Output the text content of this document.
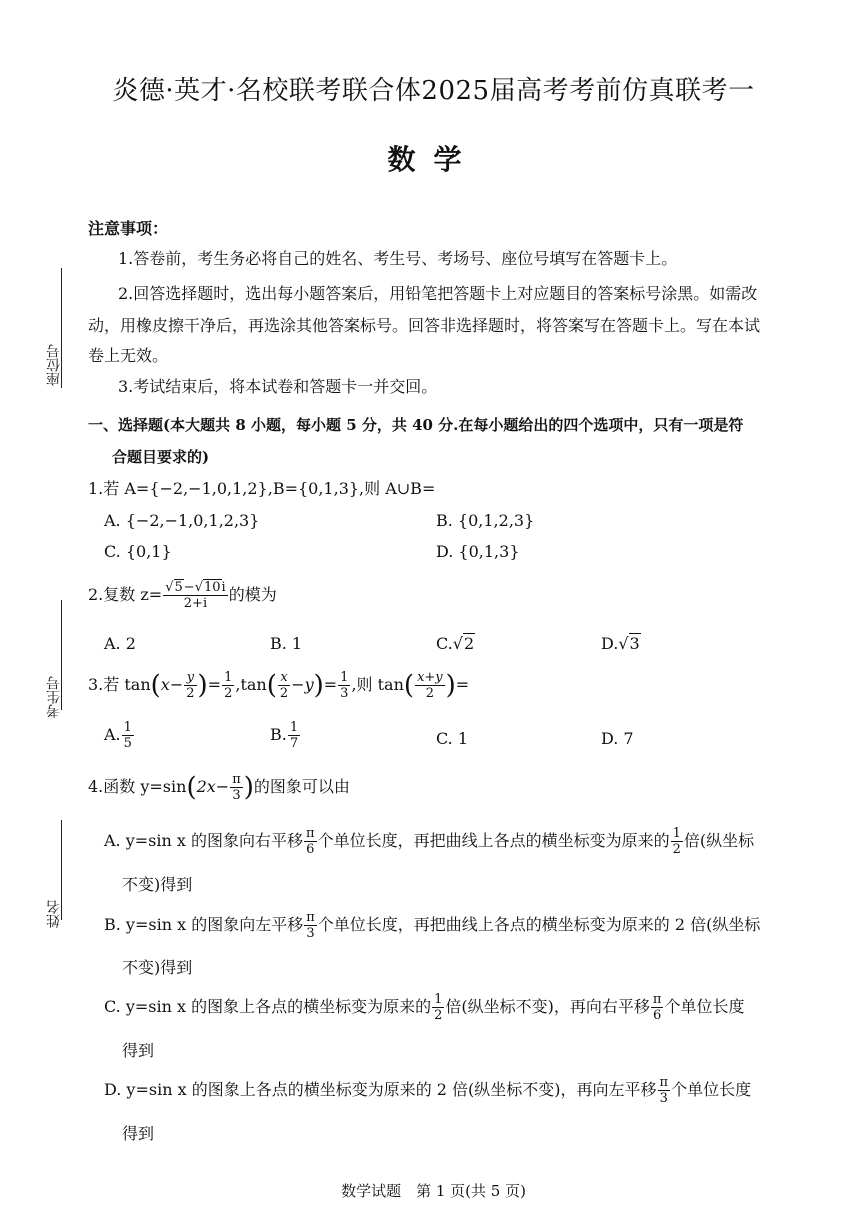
炎德·英才·名校联考联合体2025届高考考前仿真联考一
数学
座位号
考生号
姓名
注意事项：
1.答卷前，考生务必将自己的姓名、考生号、考场号、座位号填写在答题卡上。
2.回答选择题时，选出每小题答案后，用铅笔把答题卡上对应题目的答案标号涂黑。如需改
动，用橡皮擦干净后，再选涂其他答案标号。回答非选择题时，将答案写在答题卡上。写在本试
卷上无效。
3.考试结束后，将本试卷和答题卡一并交回。
一、选择题(本大题共 8 小题，每小题 5 分，共 40 分.在每小题给出的四个选项中，只有一项是符
合题目要求的)
1.若 A={−2,−1,0,1,2},B={0,1,3},则 A∪B=
A. {−2,−1,0,1,2,3}	B. {0,1,2,3}
C. {0,1}	D. {0,1,3}
2.复数 $z= \frac{√5-√10i}{2+i}$ 的模为
A. 2	B. 1	C.√2	D.√3
3.若 $\tan(x- \frac{y}{2}$ )= $\frac{1}{2} ,\tan( \frac{x}{2} -y)= \frac{1}{3}$ ,则 $\tan( \frac{x+y}{2}$ )=
A. $\frac{1}{5}$	B. $\frac{1}{7}$	C. 1	D. 7
4.函数 $y=\sin(2x- \frac{\pi}{3}$ )的图象可以由
A. y=sin x 的图象向右平移 $\frac{\pi}{6}$ 个单位长度，再把曲线上各点的横坐标变为原来的 $\frac{1}{2}$ 倍(纵坐标
不变)得到
B. y=sin x 的图象向左平移 $\frac{\pi}{3}$ 个单位长度，再把曲线上各点的横坐标变为原来的 2 倍(纵坐标
不变)得到
C. y=sin x 的图象上各点的横坐标变为原来的 $\frac{1}{2}$ 倍(纵坐标不变)，再向右平移 $\frac{\pi}{6}$ 个单位长度
得到
D. y=sin x 的图象上各点的横坐标变为原来的 2 倍(纵坐标不变)，再向左平移 $\frac{\pi}{3}$ 个单位长度
得到
数学试题　第 1 页(共 5 页)
